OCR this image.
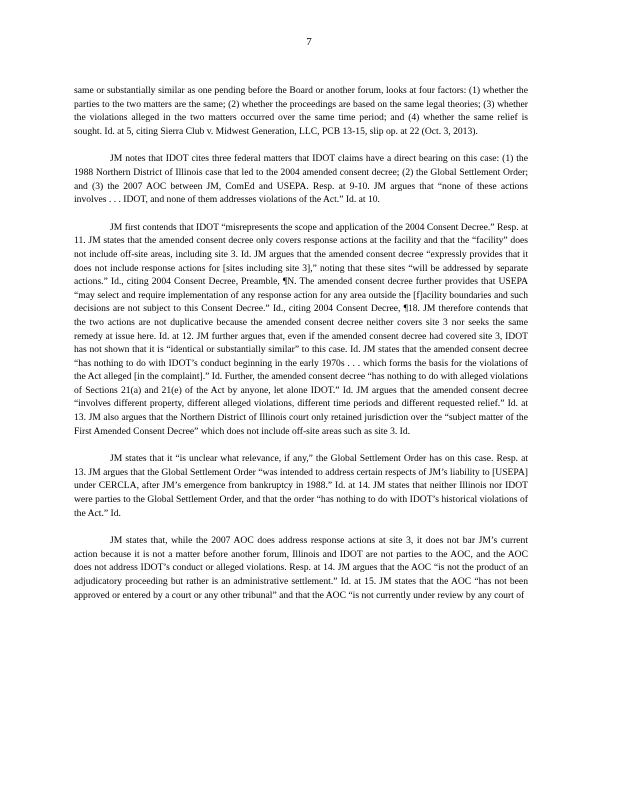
7

same or substantially similar as one pending before the Board or another forum, looks at four factors: (1) whether the parties to the two matters are the same; (2) whether the proceedings are based on the same legal theories; (3) whether the violations alleged in the two matters occurred over the same time period; and (4) whether the same relief is sought. Id. at 5, citing Sierra Club v. Midwest Generation, LLC, PCB 13-15, slip op. at 22 (Oct. 3, 2013).

JM notes that IDOT cites three federal matters that IDOT claims have a direct bearing on this case: (1) the 1988 Northern District of Illinois case that led to the 2004 amended consent decree; (2) the Global Settlement Order; and (3) the 2007 AOC between JM, ComEd and USEPA. Resp. at 9-10. JM argues that “none of these actions involves . . . IDOT, and none of them addresses violations of the Act.” Id. at 10.

JM first contends that IDOT “misrepresents the scope and application of the 2004 Consent Decree.” Resp. at 11. JM states that the amended consent decree only covers response actions at the facility and that the “facility” does not include off-site areas, including site 3. Id. JM argues that the amended consent decree “expressly provides that it does not include response actions for [sites including site 3],” noting that these sites “will be addressed by separate actions.” Id., citing 2004 Consent Decree, Preamble, ¶N. The amended consent decree further provides that USEPA “may select and require implementation of any response action for any area outside the [f]acility boundaries and such decisions are not subject to this Consent Decree.” Id., citing 2004 Consent Decree, ¶18. JM therefore contends that the two actions are not duplicative because the amended consent decree neither covers site 3 nor seeks the same remedy at issue here. Id. at 12. JM further argues that, even if the amended consent decree had covered site 3, IDOT has not shown that it is “identical or substantially similar” to this case. Id. JM states that the amended consent decree “has nothing to do with IDOT’s conduct beginning in the early 1970s . . . which forms the basis for the violations of the Act alleged [in the complaint].” Id. Further, the amended consent decree “has nothing to do with alleged violations of Sections 21(a) and 21(e) of the Act by anyone, let alone IDOT.” Id. JM argues that the amended consent decree “involves different property, different alleged violations, different time periods and different requested relief.” Id. at 13. JM also argues that the Northern District of Illinois court only retained jurisdiction over the “subject matter of the First Amended Consent Decree” which does not include off-site areas such as site 3. Id.

JM states that it “is unclear what relevance, if any,” the Global Settlement Order has on this case. Resp. at 13. JM argues that the Global Settlement Order “was intended to address certain respects of JM’s liability to [USEPA] under CERCLA, after JM’s emergence from bankruptcy in 1988.” Id. at 14. JM states that neither Illinois nor IDOT were parties to the Global Settlement Order, and that the order “has nothing to do with IDOT’s historical violations of the Act.” Id.

JM states that, while the 2007 AOC does address response actions at site 3, it does not bar JM’s current action because it is not a matter before another forum, Illinois and IDOT are not parties to the AOC, and the AOC does not address IDOT’s conduct or alleged violations. Resp. at 14. JM argues that the AOC “is not the product of an adjudicatory proceeding but rather is an administrative settlement.” Id. at 15. JM states that the AOC “has not been approved or entered by a court or any other tribunal” and that the AOC “is not currently under review by any court of
